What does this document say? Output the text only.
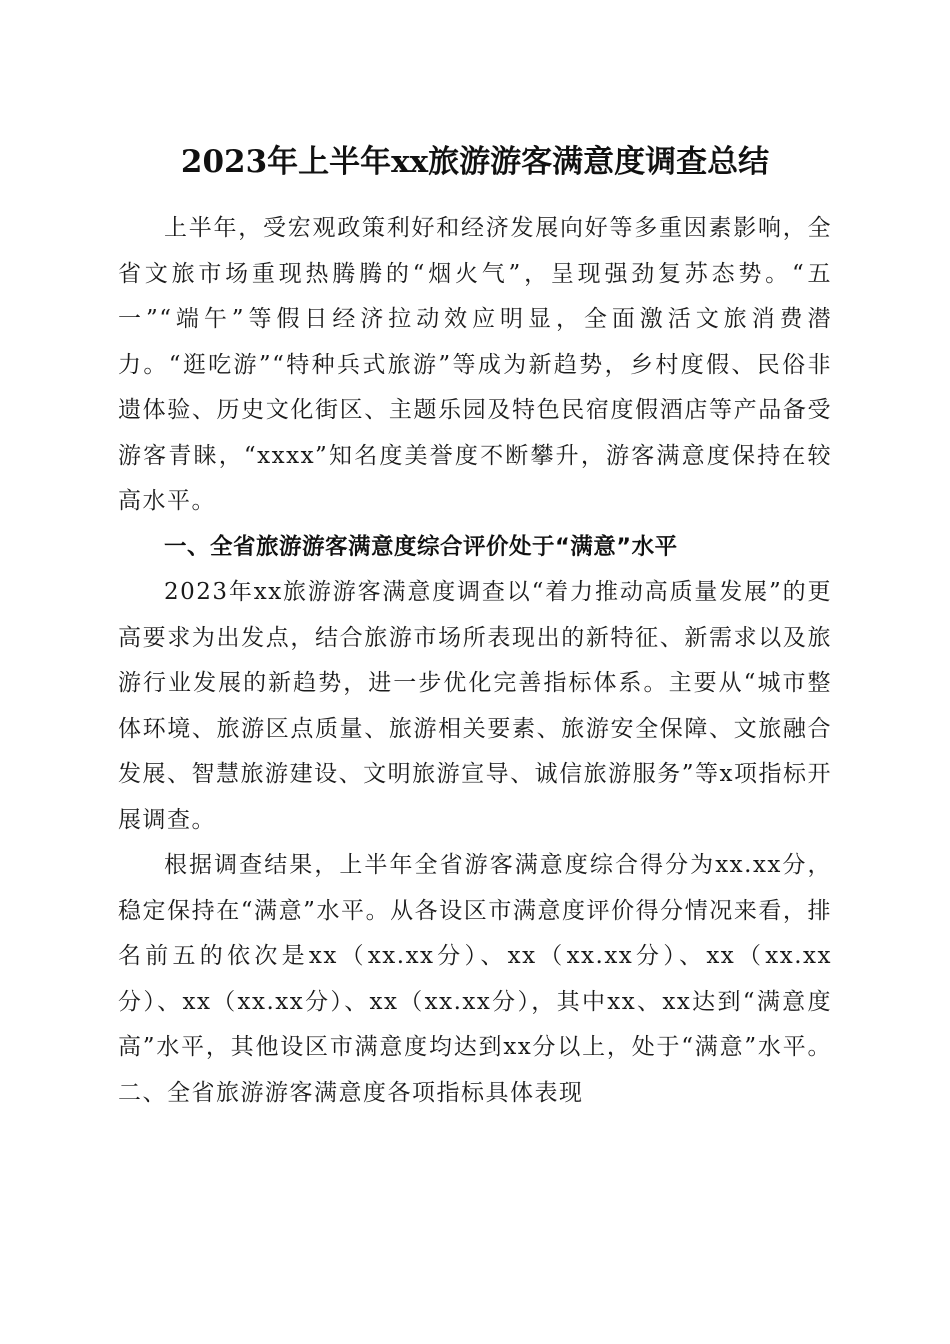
2023年上半年xx旅游游客满意度调查总结

上半年，受宏观政策利好和经济发展向好等多重因素影响，全省文旅市场重现热腾腾的“烟火气”，呈现强劲复苏态势。“五一”“端午”等假日经济拉动效应明显，全面激活文旅消费潜力。“逛吃游”“特种兵式旅游”等成为新趋势，乡村度假、民俗非遗体验、历史文化街区、主题乐园及特色民宿度假酒店等产品备受游客青睐，“xxxx”知名度美誉度不断攀升，游客满意度保持在较高水平。

一、全省旅游游客满意度综合评价处于“满意”水平

2023年xx旅游游客满意度调查以“着力推动高质量发展”的更高要求为出发点，结合旅游市场所表现出的新特征、新需求以及旅游行业发展的新趋势，进一步优化完善指标体系。主要从“城市整体环境、旅游区点质量、旅游相关要素、旅游安全保障、文旅融合发展、智慧旅游建设、文明旅游宣导、诚信旅游服务”等x项指标开展调查。

根据调查结果，上半年全省游客满意度综合得分为xx.xx分，稳定保持在“满意”水平。从各设区市满意度评价得分情况来看，排名前五的依次是xx（xx.xx分）、xx（xx.xx分）、xx（xx.xx分）、xx（xx.xx分）、xx（xx.xx分），其中xx、xx达到“满意度高”水平，其他设区市满意度均达到xx分以上，处于“满意”水平。二、全省旅游游客满意度各项指标具体表现
